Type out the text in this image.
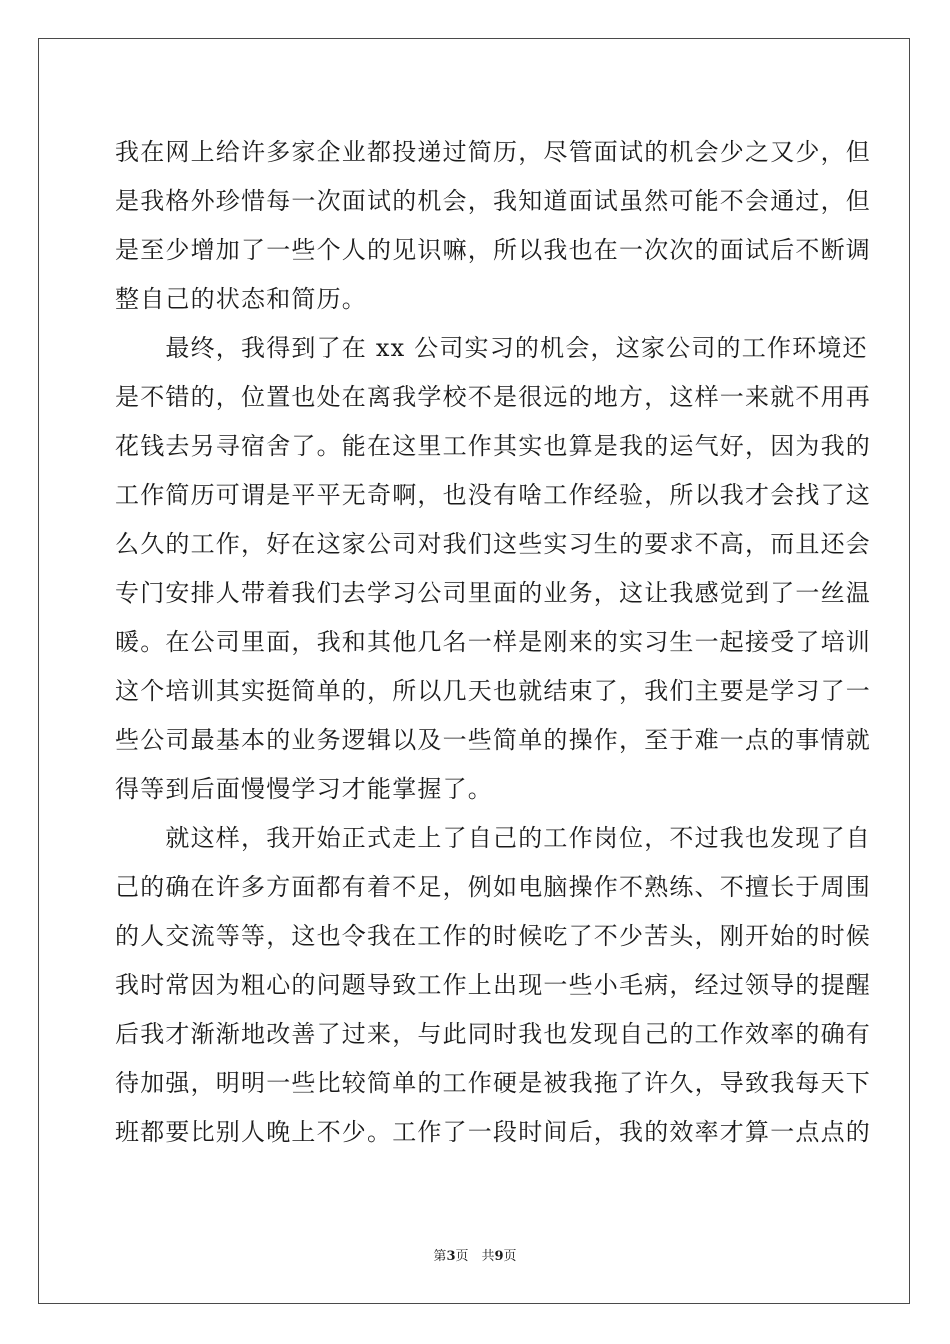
我在网上给许多家企业都投递过简历，尽管面试的机会少之又少，但
是我格外珍惜每一次面试的机会，我知道面试虽然可能不会通过，但
是至少增加了一些个人的见识嘛，所以我也在一次次的面试后不断调
整自己的状态和简历。
　　最终，我得到了在 xx 公司实习的机会，这家公司的工作环境还
是不错的，位置也处在离我学校不是很远的地方，这样一来就不用再
花钱去另寻宿舍了。能在这里工作其实也算是我的运气好，因为我的
工作简历可谓是平平无奇啊，也没有啥工作经验，所以我才会找了这
么久的工作，好在这家公司对我们这些实习生的要求不高，而且还会
专门安排人带着我们去学习公司里面的业务，这让我感觉到了一丝温
暖。在公司里面，我和其他几名一样是刚来的实习生一起接受了培训
这个培训其实挺简单的，所以几天也就结束了，我们主要是学习了一
些公司最基本的业务逻辑以及一些简单的操作，至于难一点的事情就
得等到后面慢慢学习才能掌握了。
　　就这样，我开始正式走上了自己的工作岗位，不过我也发现了自
己的确在许多方面都有着不足，例如电脑操作不熟练、不擅长于周围
的人交流等等，这也令我在工作的时候吃了不少苦头，刚开始的时候
我时常因为粗心的问题导致工作上出现一些小毛病，经过领导的提醒
后我才渐渐地改善了过来，与此同时我也发现自己的工作效率的确有
待加强，明明一些比较简单的工作硬是被我拖了许久，导致我每天下
班都要比别人晚上不少。工作了一段时间后，我的效率才算一点点的
第3页　共9页
